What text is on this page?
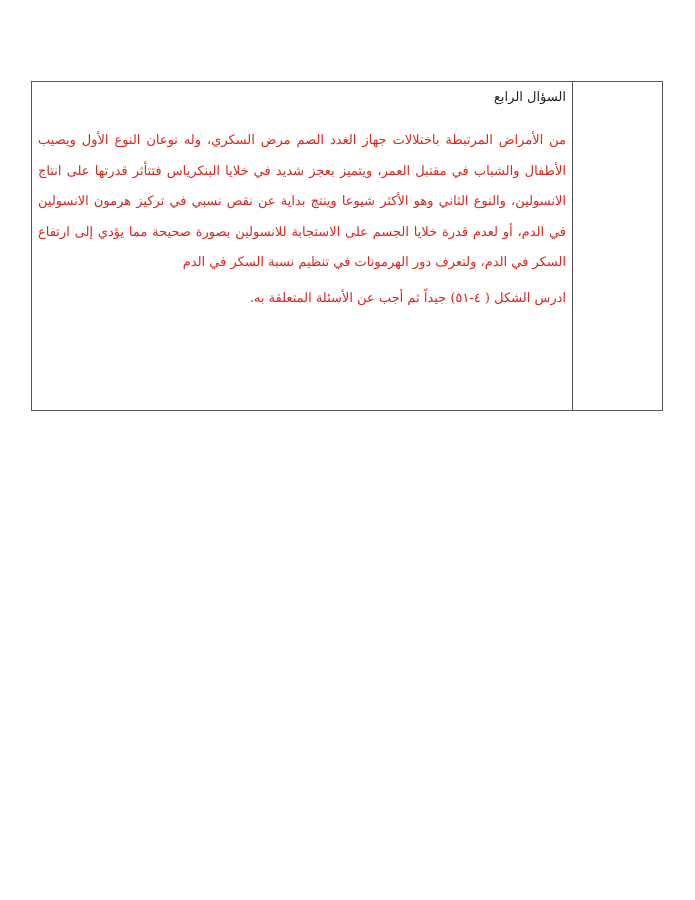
السؤال الرابع

من الأمراض المرتبطة باختلالات جهاز الغدد الصم مرض السكري، وله نوعان النوع الأول ويصيب الأطفال والشباب في مقتبل العمر، ويتميز بعجز شديد في خلايا البنكرياس فتتأثر قدرتها على انتاج الانسولين، والنوع الثاني وهو الأكثر شيوعا وينتج بداية عن نقص نسبي في تركيز هرمون الانسولين في الدم، أو لعدم قدرة خلايا الجسم على الاستجابة للانسولين بصورة صحيحة مما يؤدي إلى ارتفاع السكر في الدم، ولتعرف دور الهرمونات في تنظيم نسبة السكر في الدم

ادرس الشكل ( ٤-٥١) جيداً ثم أجب عن الأسئلة المتعلقة به.
